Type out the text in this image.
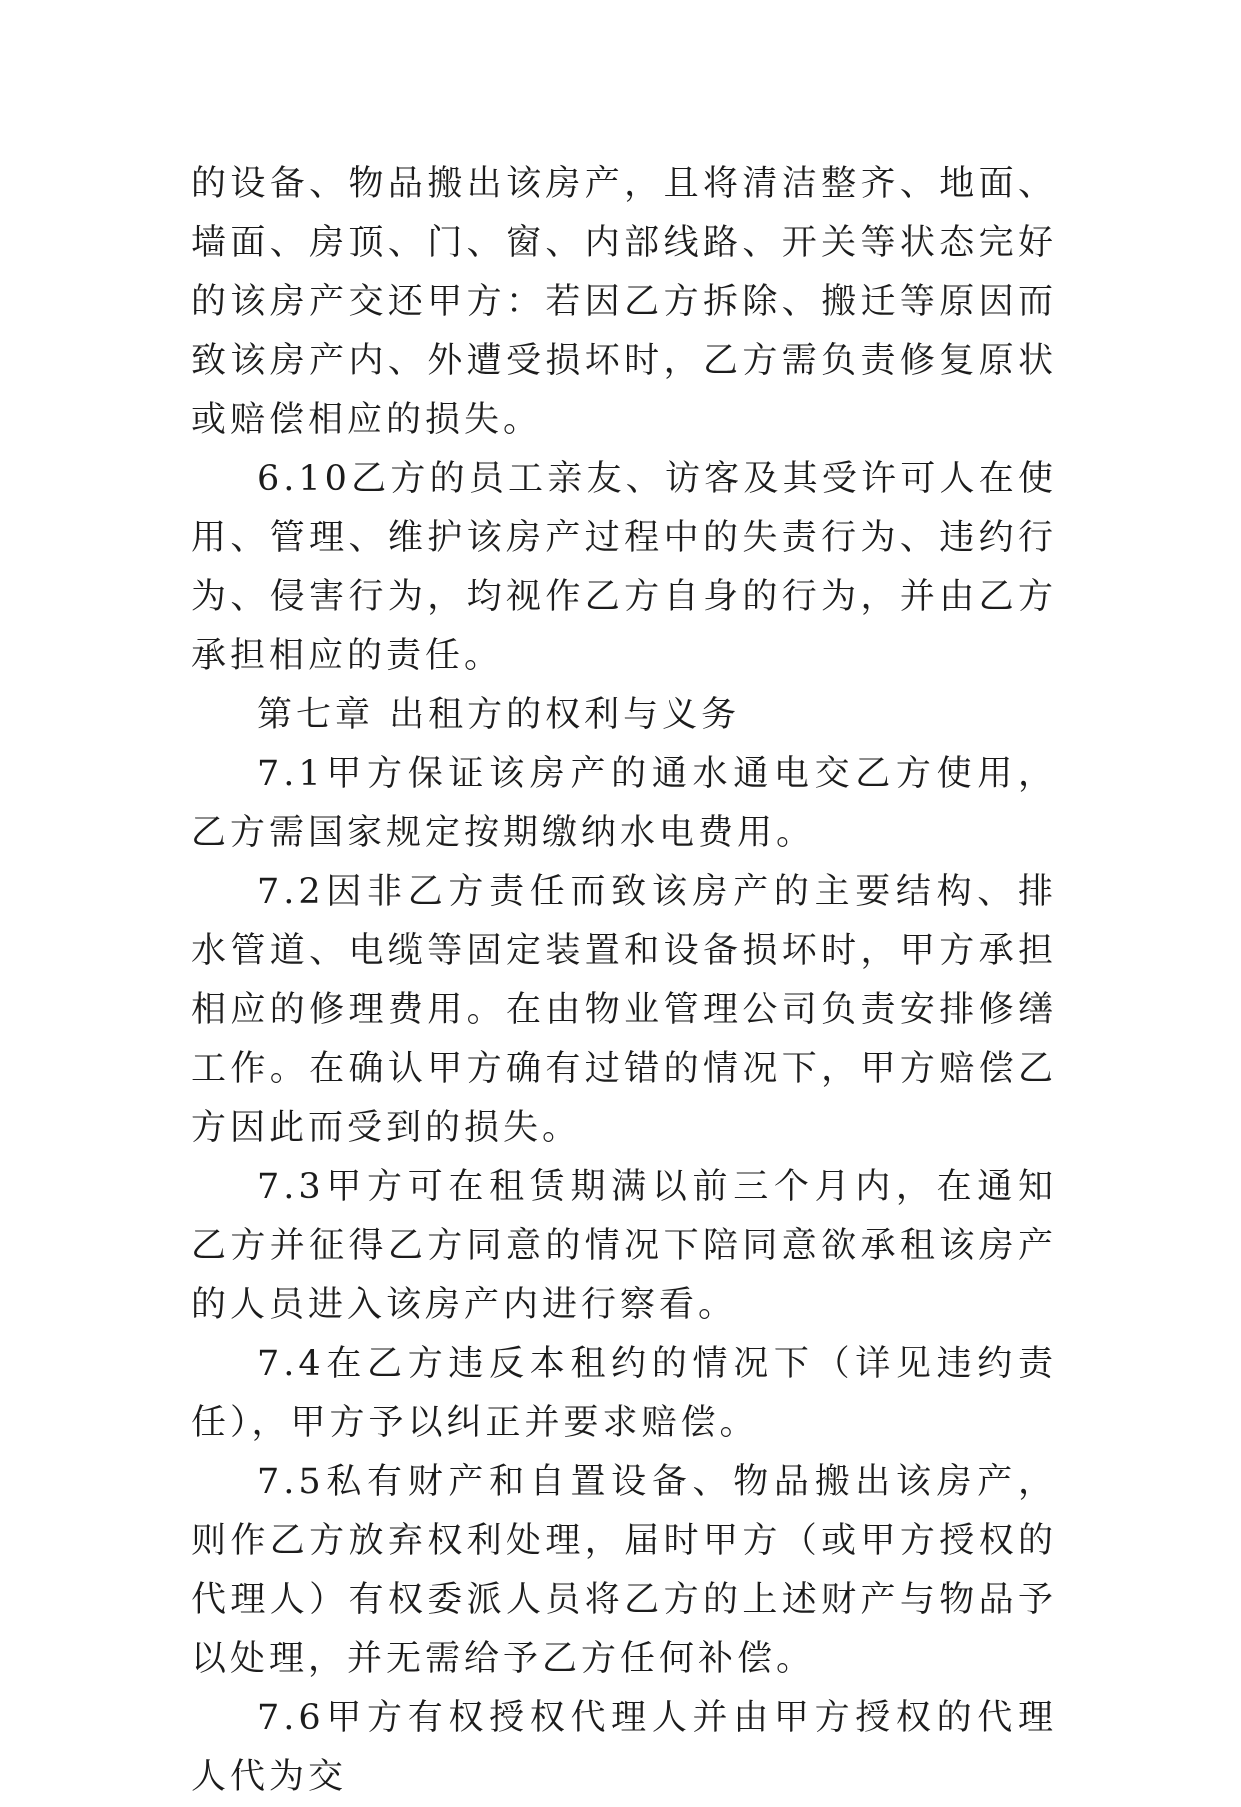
的设备、物品搬出该房产，且将清洁整齐、地面、墙面、房顶、门、窗、内部线路、开关等状态完好的该房产交还甲方：若因乙方拆除、搬迁等原因而致该房产内、外遭受损坏时，乙方需负责修复原状或赔偿相应的损失。

6.10乙方的员工亲友、访客及其受许可人在使用、管理、维护该房产过程中的失责行为、违约行为、侵害行为，均视作乙方自身的行为，并由乙方承担相应的责任。

第七章 出租方的权利与义务

7.1甲方保证该房产的通水通电交乙方使用，乙方需国家规定按期缴纳水电费用。

7.2因非乙方责任而致该房产的主要结构、排水管道、电缆等固定装置和设备损坏时，甲方承担相应的修理费用。在由物业管理公司负责安排修缮工作。在确认甲方确有过错的情况下，甲方赔偿乙方因此而受到的损失。

7.3甲方可在租赁期满以前三个月内，在通知乙方并征得乙方同意的情况下陪同意欲承租该房产的人员进入该房产内进行察看。

7.4在乙方违反本租约的情况下（详见违约责任），甲方予以纠正并要求赔偿。

7.5私有财产和自置设备、物品搬出该房产，则作乙方放弃权利处理，届时甲方（或甲方授权的代理人）有权委派人员将乙方的上述财产与物品予以处理，并无需给予乙方任何补偿。

7.6甲方有权授权代理人并由甲方授权的代理人代为交
